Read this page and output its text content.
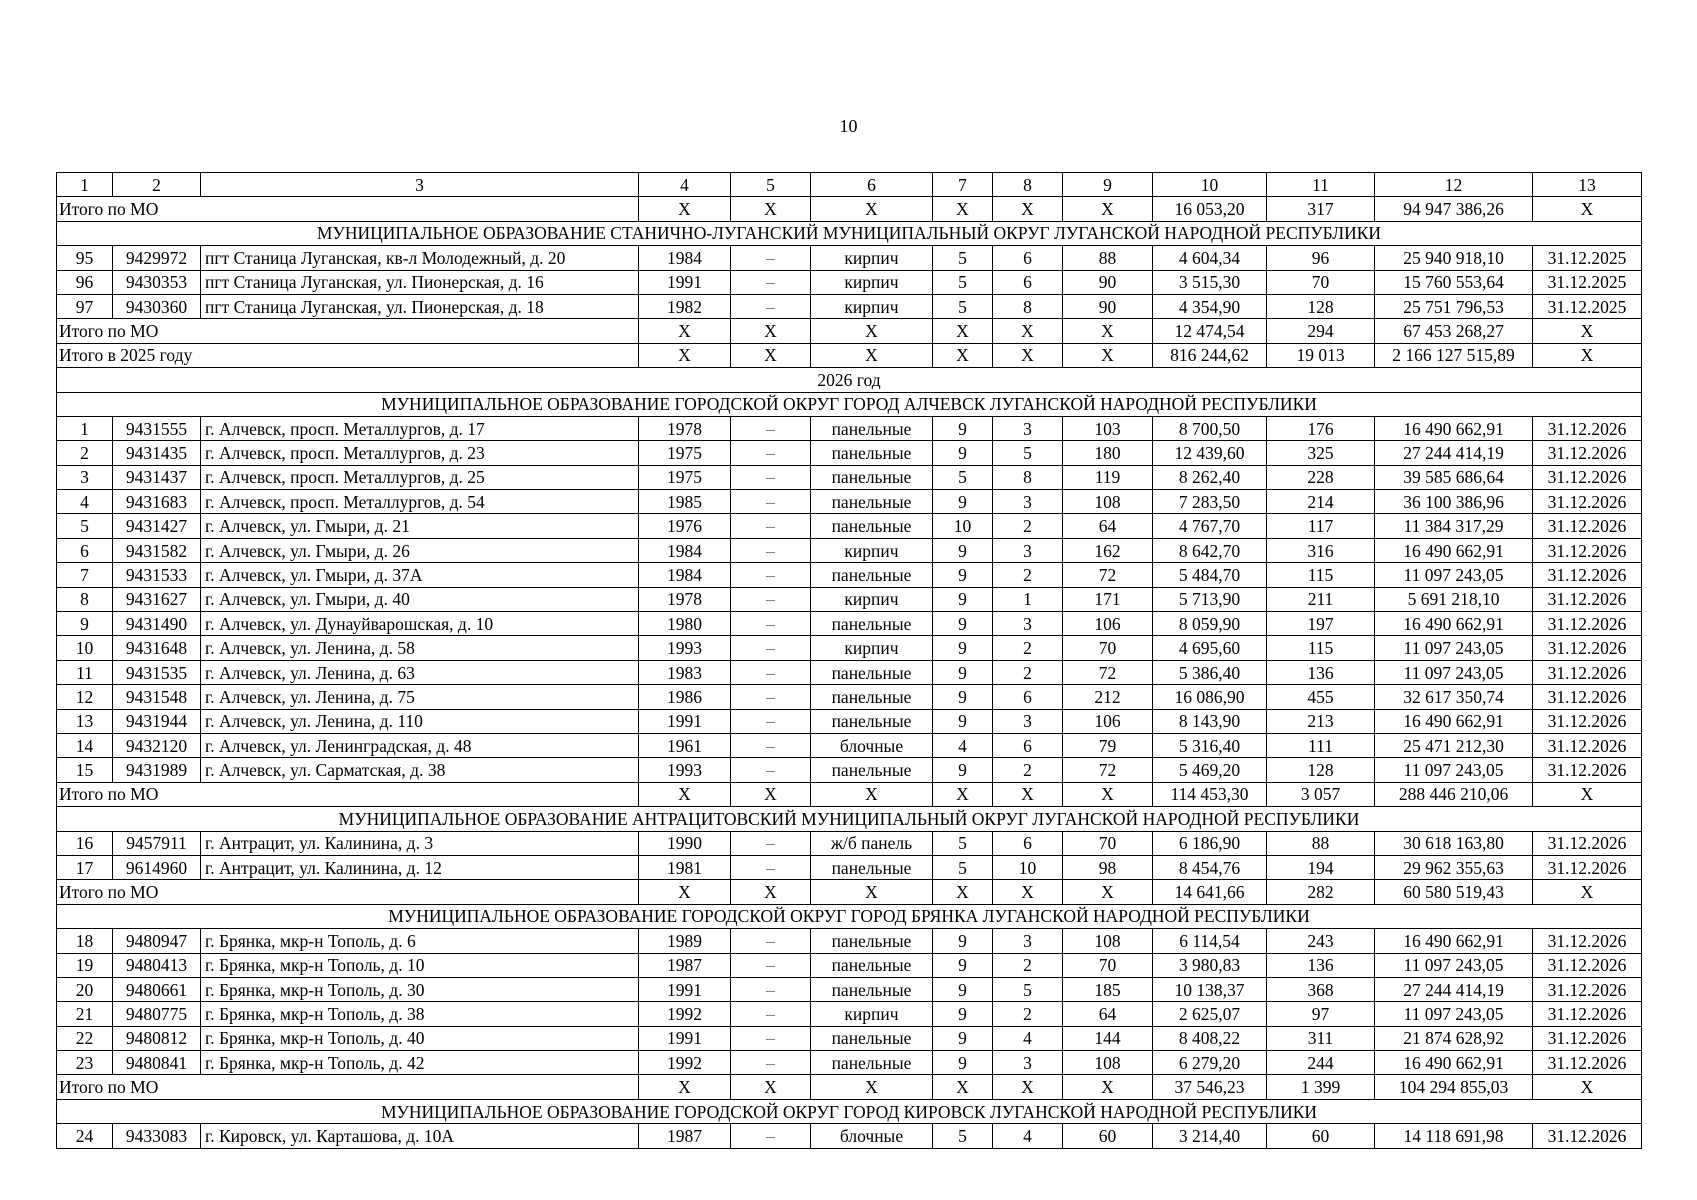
10
1	2	3	4	5	6	7	8	9	10	11	12	13
Итого по МО			X	X	X	X	X	X	16 053,20	317	94 947 386,26	X
МУНИЦИПАЛЬНОЕ ОБРАЗОВАНИЕ СТАНИЧНО-ЛУГАНСКИЙ МУНИЦИПАЛЬНЫЙ ОКРУГ ЛУГАНСКОЙ НАРОДНОЙ РЕСПУБЛИКИ												
95	9429972	пгт Станица Луганская, кв-л Молодежный, д. 20	1984	–	кирпич	5	6	88	4 604,34	96	25 940 918,10	31.12.2025
96	9430353	пгт Станица Луганская, ул. Пионерская, д. 16	1991	–	кирпич	5	6	90	3 515,30	70	15 760 553,64	31.12.2025
97	9430360	пгт Станица Луганская, ул. Пионерская, д. 18	1982	–	кирпич	5	8	90	4 354,90	128	25 751 796,53	31.12.2025
Итого по МО			X	X	X	X	X	X	12 474,54	294	67 453 268,27	X
Итого в 2025 году			X	X	X	X	X	X	816 244,62	19 013	2 166 127 515,89	X
2026 год												
МУНИЦИПАЛЬНОЕ ОБРАЗОВАНИЕ ГОРОДСКОЙ ОКРУГ ГОРОД АЛЧЕВСК ЛУГАНСКОЙ НАРОДНОЙ РЕСПУБЛИКИ												
1	9431555	г. Алчевск, просп. Металлургов, д. 17	1978	–	панельные	9	3	103	8 700,50	176	16 490 662,91	31.12.2026
2	9431435	г. Алчевск, просп. Металлургов, д. 23	1975	–	панельные	9	5	180	12 439,60	325	27 244 414,19	31.12.2026
3	9431437	г. Алчевск, просп. Металлургов, д. 25	1975	–	панельные	5	8	119	8 262,40	228	39 585 686,64	31.12.2026
4	9431683	г. Алчевск, просп. Металлургов, д. 54	1985	–	панельные	9	3	108	7 283,50	214	36 100 386,96	31.12.2026
5	9431427	г. Алчевск, ул. Гмыри, д. 21	1976	–	панельные	10	2	64	4 767,70	117	11 384 317,29	31.12.2026
6	9431582	г. Алчевск, ул. Гмыри, д. 26	1984	–	кирпич	9	3	162	8 642,70	316	16 490 662,91	31.12.2026
7	9431533	г. Алчевск, ул. Гмыри, д. 37А	1984	–	панельные	9	2	72	5 484,70	115	11 097 243,05	31.12.2026
8	9431627	г. Алчевск, ул. Гмыри, д. 40	1978	–	кирпич	9	1	171	5 713,90	211	5 691 218,10	31.12.2026
9	9431490	г. Алчевск, ул. Дунауйварошская, д. 10	1980	–	панельные	9	3	106	8 059,90	197	16 490 662,91	31.12.2026
10	9431648	г. Алчевск, ул. Ленина, д. 58	1993	–	кирпич	9	2	70	4 695,60	115	11 097 243,05	31.12.2026
11	9431535	г. Алчевск, ул. Ленина, д. 63	1983	–	панельные	9	2	72	5 386,40	136	11 097 243,05	31.12.2026
12	9431548	г. Алчевск, ул. Ленина, д. 75	1986	–	панельные	9	6	212	16 086,90	455	32 617 350,74	31.12.2026
13	9431944	г. Алчевск, ул. Ленина, д. 110	1991	–	панельные	9	3	106	8 143,90	213	16 490 662,91	31.12.2026
14	9432120	г. Алчевск, ул. Ленинградская, д. 48	1961	–	блочные	4	6	79	5 316,40	111	25 471 212,30	31.12.2026
15	9431989	г. Алчевск, ул. Сарматская, д. 38	1993	–	панельные	9	2	72	5 469,20	128	11 097 243,05	31.12.2026
Итого по МО			X	X	X	X	X	X	114 453,30	3 057	288 446 210,06	X
МУНИЦИПАЛЬНОЕ ОБРАЗОВАНИЕ АНТРАЦИТОВСКИЙ МУНИЦИПАЛЬНЫЙ ОКРУГ ЛУГАНСКОЙ НАРОДНОЙ РЕСПУБЛИКИ												
16	9457911	г. Антрацит, ул. Калинина, д. 3	1990	–	ж/б панель	5	6	70	6 186,90	88	30 618 163,80	31.12.2026
17	9614960	г. Антрацит, ул. Калинина, д. 12	1981	–	панельные	5	10	98	8 454,76	194	29 962 355,63	31.12.2026
Итого по МО			X	X	X	X	X	X	14 641,66	282	60 580 519,43	X
МУНИЦИПАЛЬНОЕ ОБРАЗОВАНИЕ ГОРОДСКОЙ ОКРУГ ГОРОД БРЯНКА ЛУГАНСКОЙ НАРОДНОЙ РЕСПУБЛИКИ												
18	9480947	г. Брянка, мкр-н Тополь, д. 6	1989	–	панельные	9	3	108	6 114,54	243	16 490 662,91	31.12.2026
19	9480413	г. Брянка, мкр-н Тополь, д. 10	1987	–	панельные	9	2	70	3 980,83	136	11 097 243,05	31.12.2026
20	9480661	г. Брянка, мкр-н Тополь, д. 30	1991	–	панельные	9	5	185	10 138,37	368	27 244 414,19	31.12.2026
21	9480775	г. Брянка, мкр-н Тополь, д. 38	1992	–	кирпич	9	2	64	2 625,07	97	11 097 243,05	31.12.2026
22	9480812	г. Брянка, мкр-н Тополь, д. 40	1991	–	панельные	9	4	144	8 408,22	311	21 874 628,92	31.12.2026
23	9480841	г. Брянка, мкр-н Тополь, д. 42	1992	–	панельные	9	3	108	6 279,20	244	16 490 662,91	31.12.2026
Итого по МО			X	X	X	X	X	X	37 546,23	1 399	104 294 855,03	X
МУНИЦИПАЛЬНОЕ ОБРАЗОВАНИЕ ГОРОДСКОЙ ОКРУГ ГОРОД КИРОВСК ЛУГАНСКОЙ НАРОДНОЙ РЕСПУБЛИКИ												
24	9433083	г. Кировск, ул. Карташова, д. 10А	1987	–	блочные	5	4	60	3 214,40	60	14 118 691,98	31.12.2026
